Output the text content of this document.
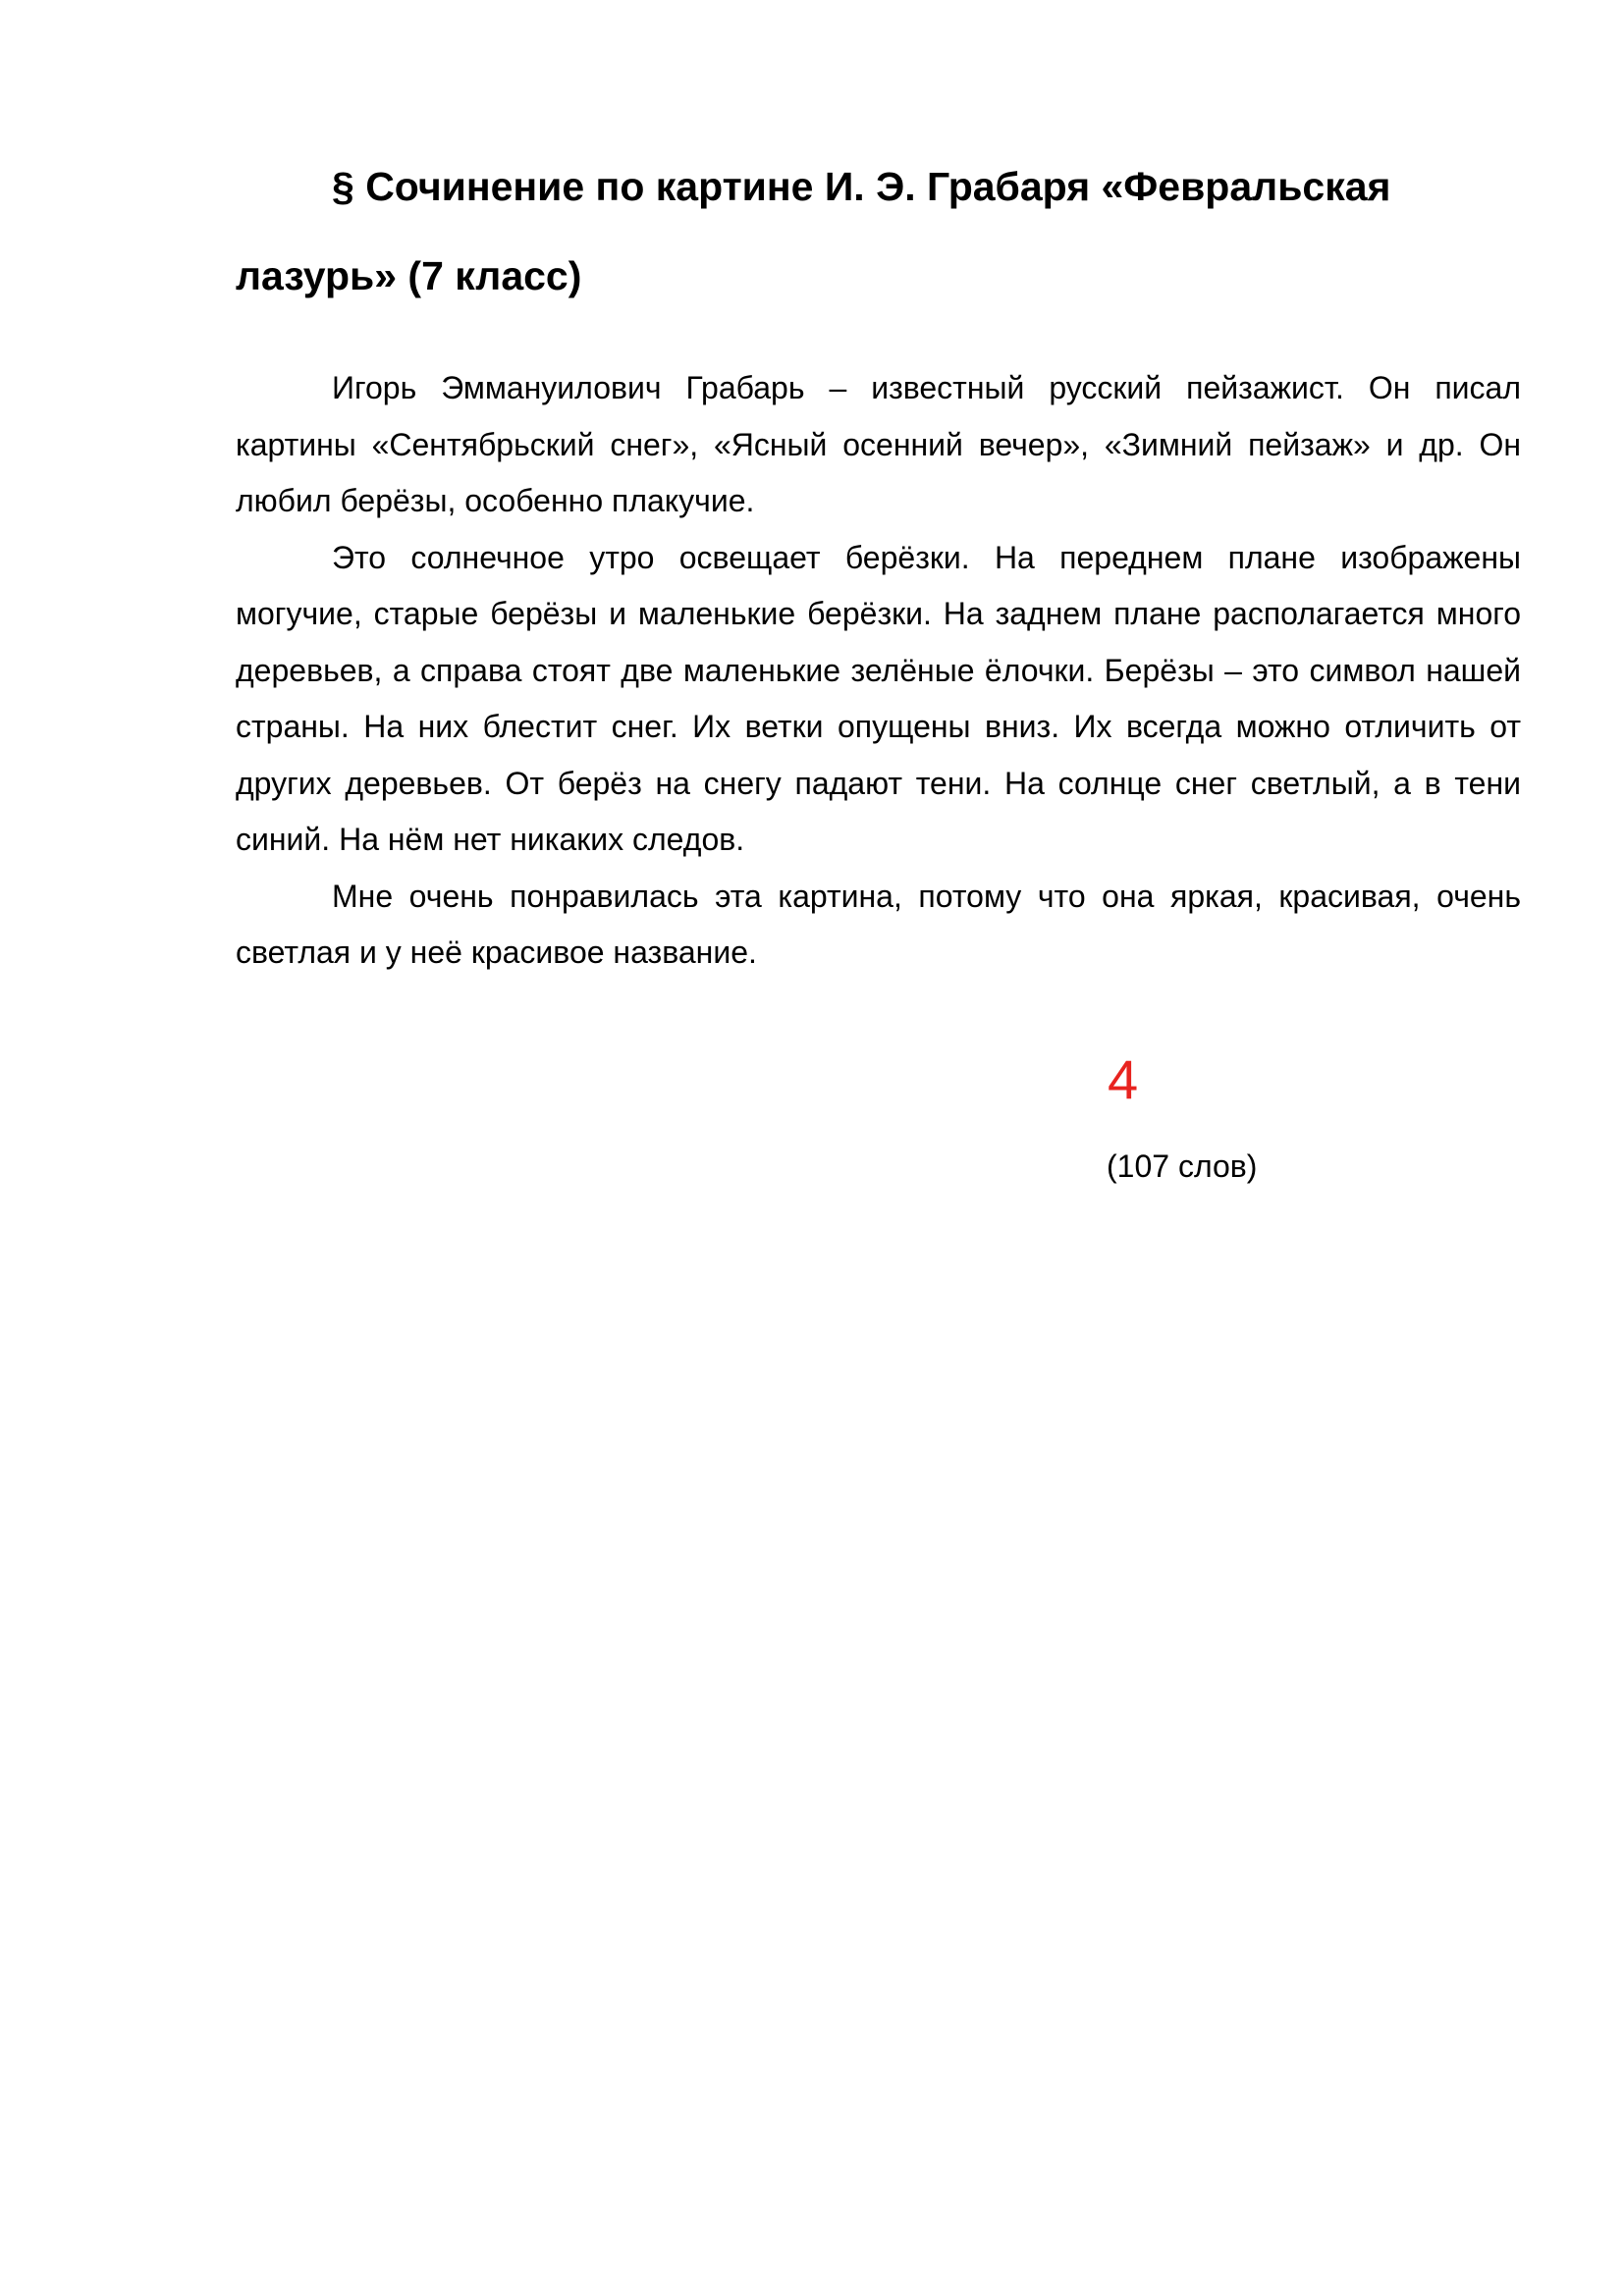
§ Сочинение по картине И. Э. Грабаря «Февральская лазурь» (7 класс)

Игорь Эммануилович Грабарь – известный русский пейзажист. Он писал картины «Сентябрьский снег», «Ясный осенний вечер», «Зимний пейзаж» и др. Он любил берёзы, особенно плакучие.

Это солнечное утро освещает берёзки. На переднем плане изображены могучие, старые берёзы и маленькие берёзки. На заднем плане располагается много деревьев, а справа стоят две маленькие зелёные ёлочки. Берёзы – это символ нашей страны. На них блестит снег. Их ветки опущены вниз. Их всегда можно отличить от других деревьев. От берёз на снегу падают тени. На солнце снег светлый, а в тени синий. На нём нет никаких следов.

Мне очень понравилась эта картина, потому что она яркая, красивая, очень светлая и у неё красивое название.

4
(107 слов)
